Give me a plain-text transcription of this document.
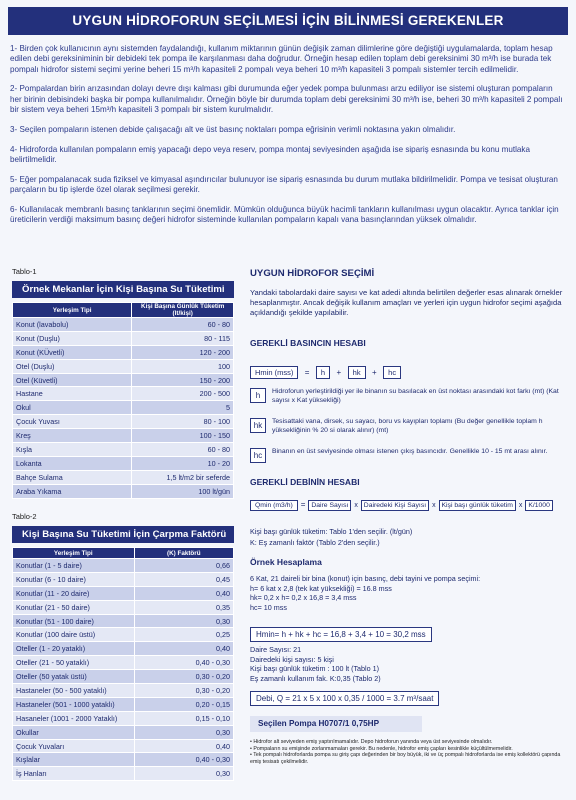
UYGUN HİDROFORUN SEÇİLMESİ İÇİN BİLİNMESİ GEREKENLER

1- Birden çok kullanıcının aynı sistemden faydalandığı, kullanım miktarının günün değişik zaman dilimlerine göre değiştiği uygulamalarda, toplam hesap edilen debi gereksiniminin bir debideki tek pompa ile karşılanması daha doğrudur. Örneğin hesap edilen toplam debi gereksinimi 30 m³/h ise burada tek pompalı hidrofor sistemi seçimi yerine beheri 15 m³/h kapasiteli 2 pompalı veya beheri 10 m³/h kapasiteli 3 pompalı sistemler tercih edilmelidir.

2- Pompalardan birin arızasından dolayı devre dışı kalması gibi durumunda eğer yedek pompa bulunması arzu ediliyor ise sistemi oluşturan pompaların her birinin debisindeki başka bir pompa kullanılmalıdır. Örneğin böyle bir durumda toplam debi gereksinimi 30 m³/h ise, beheri 30 m³/h kapasiteli 2 pompalı bir sistem veya beheri 15m³/h kapasiteli 3 pompalı bir sistem kurulmalıdır.

3- Seçilen pompaların istenen debide çalışacağı alt ve üst basınç noktaları pompa eğrisinin verimli noktasına yakın olmalıdır.

4- Hidroforda kullanılan pompaların emiş yapacağı depo veya reserv, pompa montaj seviyesinden aşağıda ise sipariş esnasında bu konu mutlaka belirtilmelidir.

5- Eğer pompalanacak suda fiziksel ve kimyasal aşındırıcılar bulunuyor ise sipariş esnasında bu durum mutlaka bildirilmelidir. Pompa ve tesisat oluşturan parçaların bu tip işlerde özel olarak seçilmesi gerekir.

6- Kullanılacak membranlı basınç tanklarının seçimi önemlidir. Mümkün olduğunca büyük hacimli tankların kullanılması uygun olacaktır. Ayrıca tanklar için üreticilerin verdiği maksimum basınç değeri hidrofor sisteminde kullanılan pompaların kapalı vana basınçlarından yüksek olmalıdır.

Tablo-1
Örnek Mekanlar İçin Kişi Başına Su Tüketimi
Yerleşim Tipi	Kişi Başına Günlük Tüketim (lt/kişi)
Konut (lavabolu)	60 - 80
Konut (Duşlu)	80 - 115
Konut (KÜvetli)	120 - 200
Otel (Duşlu)	100
Otel (Küvetli)	150 - 200
Hastane	200 - 500
Okul	5
Çocuk Yuvası	80 - 100
Kreş	100 - 150
Kışla	60 - 80
Lokanta	10 - 20
Bahçe Sulama	1,5 lt/m2 bir seferde
Araba Yıkama	100 lt/gün
Tablo-2
Kişi Başına Su Tüketimi İçin Çarpma Faktörü
Yerleşim Tipi	(K) Faktörü
Konutlar (1 - 5 daire)	0,66
Konutlar (6 - 10 daire)	0,45
Konutlar (11 - 20 daire)	0,40
Konutlar (21 - 50 daire)	0,35
Konutlar (51 - 100 daire)	0,30
Konutlar (100 daire üstü)	0,25
Oteller (1 - 20 yataklı)	0,40
Oteller (21 - 50 yataklı)	0,40 - 0,30
Oteller (50 yatak üstü)	0,30 - 0,20
Hastaneler (50 - 500 yataklı)	0,30 - 0,20
Hastaneler (501 - 1000 yataklı)	0,20 - 0,15
Hasaneler (1001 - 2000 Yataklı)	0,15 - 0,10
Okullar	0,30
Çocuk Yuvaları	0,40
Kışlalar	0,40 - 0,30
İş Hanları	0,30
UYGUN HİDROFOR SEÇİMİ
Yandaki tabolardaki daire sayısı ve kat adedi altında belirtilen değerler esas alınarak örnekler hesaplanmıştır. Ancak değişik kullanım amaçları ve yerleri için uygun hidrofor seçimi aşağıda açıklandığı şekilde yapılabilir.
GEREKLİ BASINCIN HESABI
Hmin (mss) = h + hk + hc
h	Hidroforun yerleştirildiği yer ile binanın su basılacak en üst noktası arasındaki kot farkı (mt) (Kat sayısı x Kat yüksekliği)
hk	Tesisattaki vana, dirsek, su sayacı, boru vs kayıpları toplamı (Bu değer genellikle toplam h yüksekliğinin % 20 si olarak alınır) (mt)
hc	Binanın en üst seviyesinde olması istenen çıkış basıncıdır. Genellikle 10 - 15 mt arası alınır.
GEREKLİ DEBİNİN HESABI
Qmin (m3/h) = Daire Sayısı x Dairedeki Kişi Sayısı x Kişi başı günlük tüketim x K/1000
Kişi başı günlük tüketim: Tablo 1'den seçilir. (lt/gün)
K: Eş zamanlı faktör (Tablo 2'den seçilir.)
Örnek Hesaplama
6 Kat, 21 daireli bir bina (konut) için basınç, debi tayini ve pompa seçimi:
h= 6 kat x 2,8 (tek kat yüksekliği) = 16.8 mss
hk= 0,2 x h= 0,2 x 16,8 = 3,4 mss
hc= 10 mss
Hmin= h + hk + hc = 16,8 + 3,4 + 10 = 30,2 mss
Daire Sayısı: 21
Dairedeki kişi sayısı: 5 kişi
Kişi başı günlük tüketim : 100 lt (Tablo 1)
Eş zamanlı kullanım fak. K:0,35 (Tablo 2)
Debi, Q = 21 x 5 x 100 x 0,35 / 1000 = 3.7 m³/saat
Seçilen Pompa H0707/1 0,75HP
• Hidrofor alt seviyeden emiş yaptırılmamalıdır. Depo hidroforun yanında veya üst seviyesinde olmalıdır.
• Pompaların su emişinde zorlanmamaları gerekir. Bu nedenle, hidrofor emiş çapları kesinlikle küçültülmemelidir.
• Tek pompalı hidroforlarda pompa su giriş çapı değerinden bir boy büyük, iki ve üç pompalı hidroforlarda ise emiş kollektörü çapında emiş tesisatı çekilmelidir.
